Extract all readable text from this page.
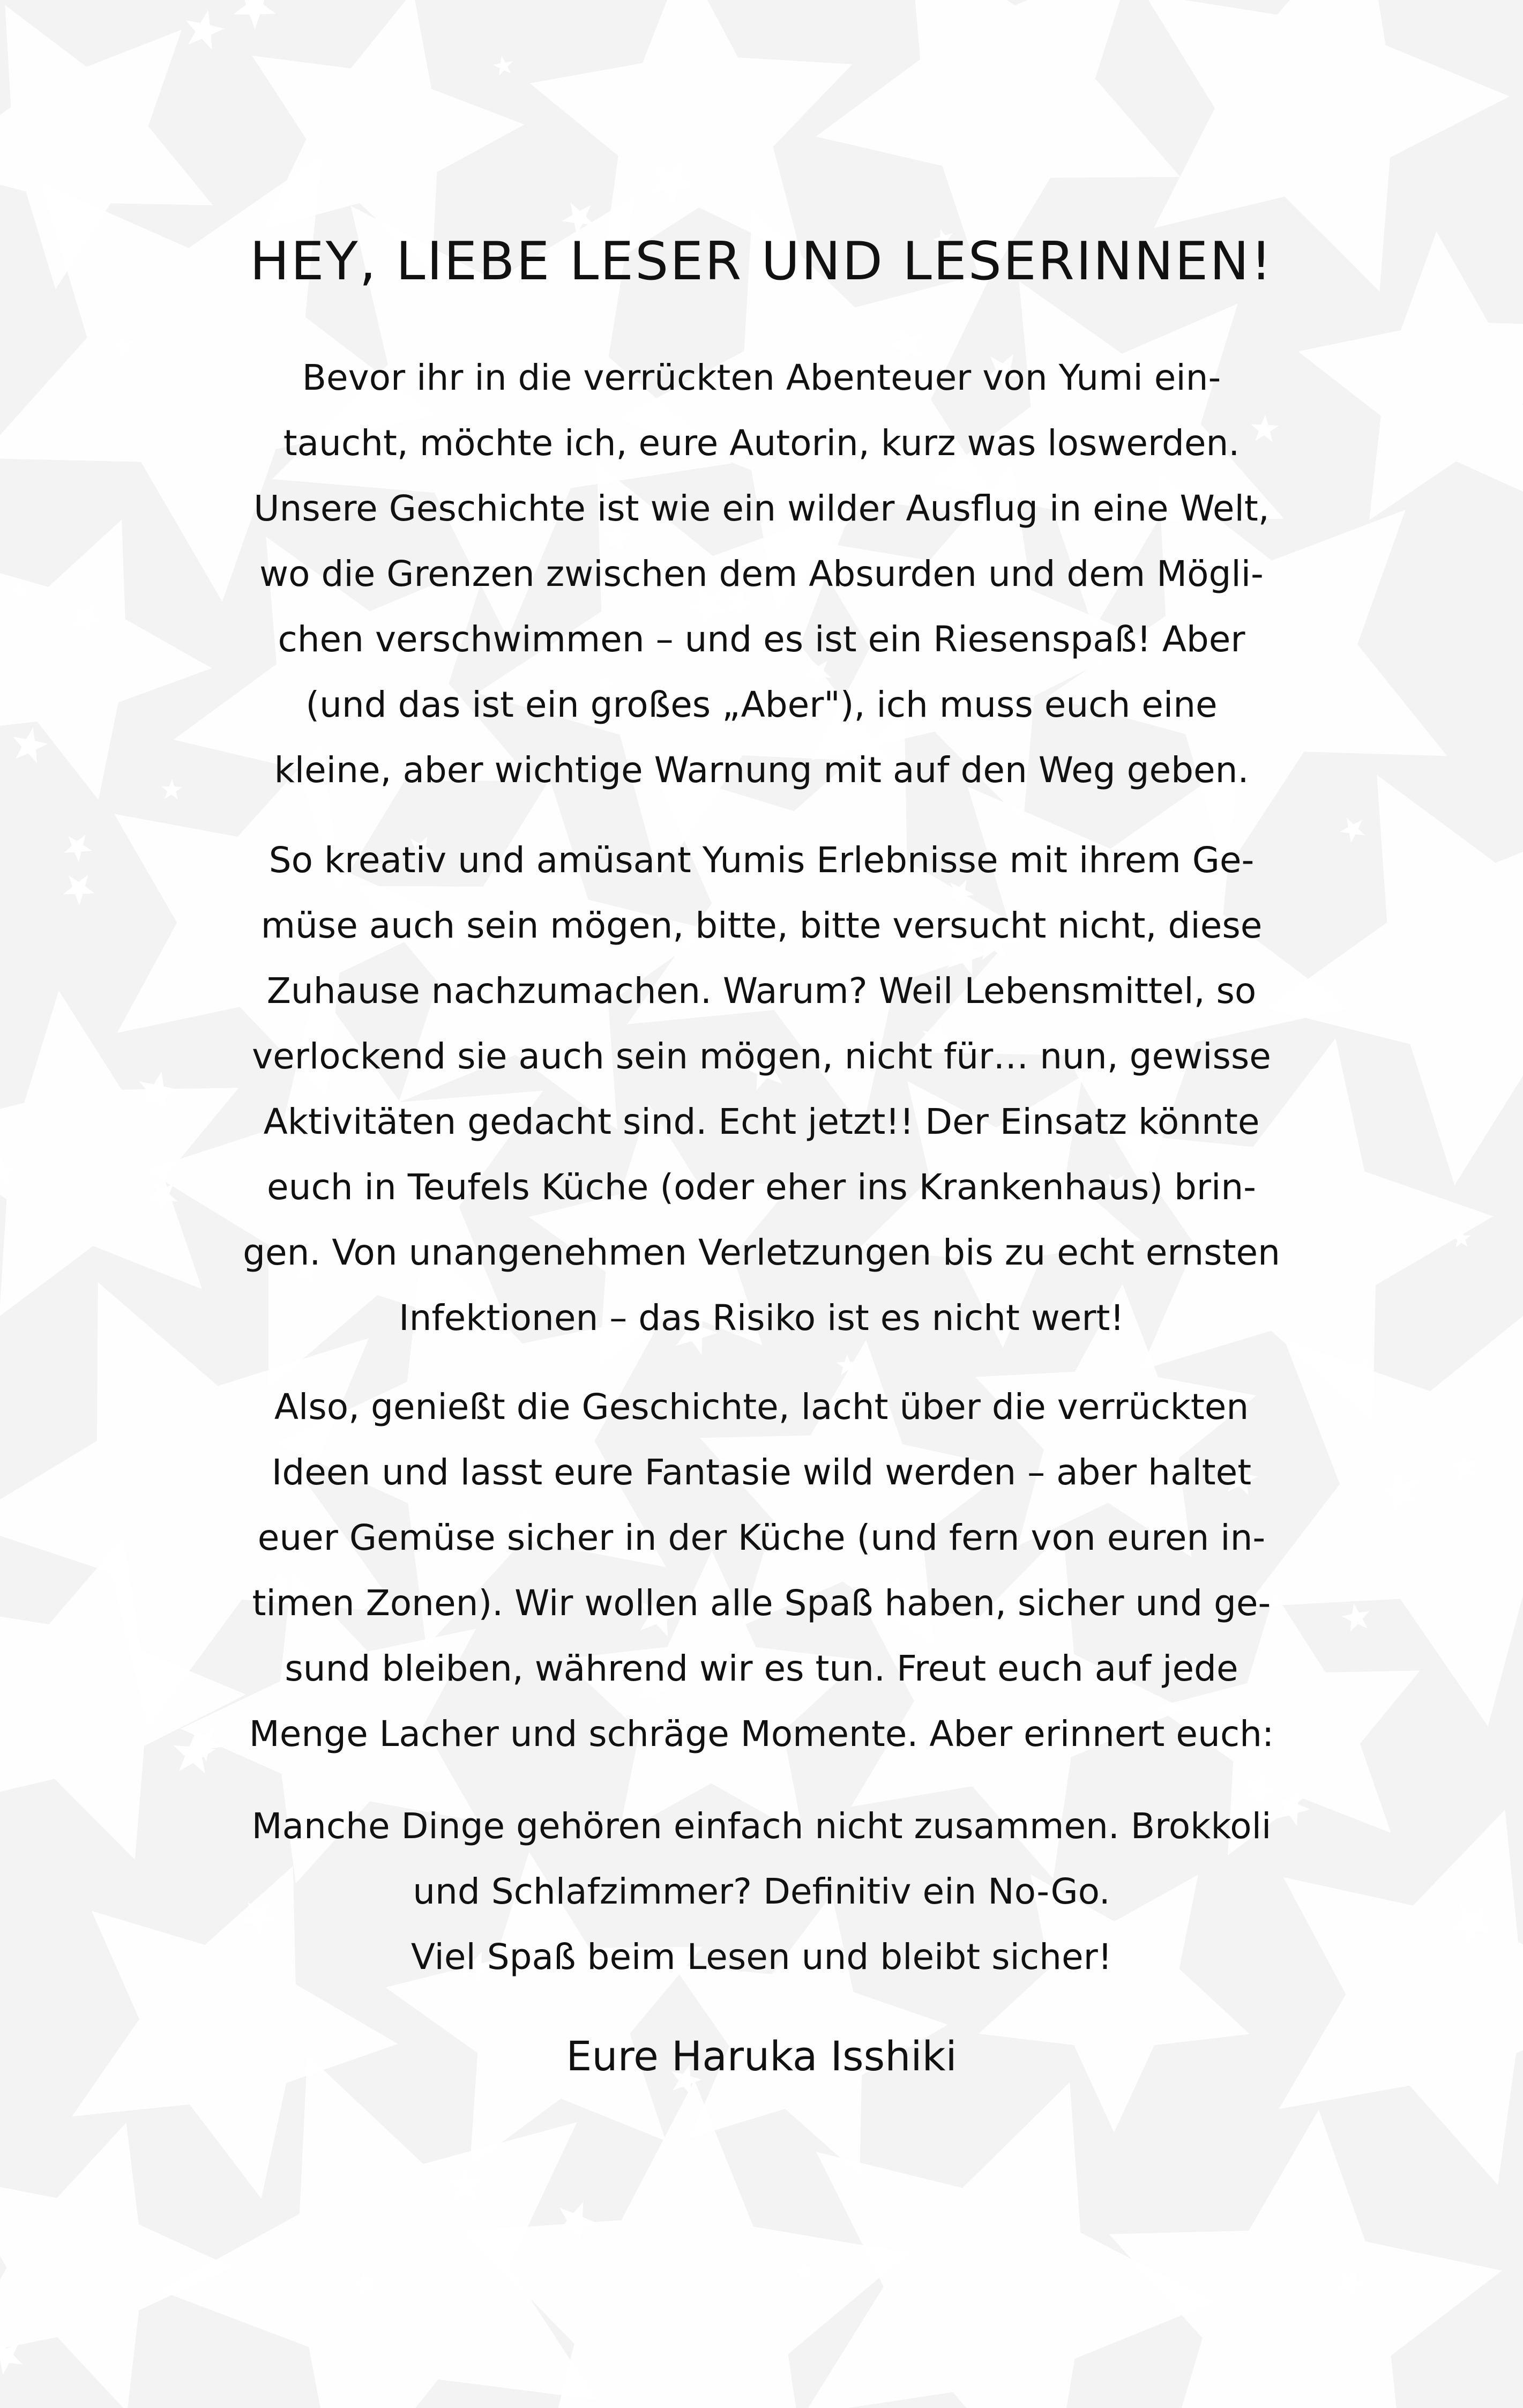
HEY, LIEBE LESER UND LESERINNEN!

Bevor ihr in die verrückten Abenteuer von Yumi ein-

taucht, möchte ich, eure Autorin, kurz was loswerden.

Unsere Geschichte ist wie ein wilder Ausflug in eine Welt,

wo die Grenzen zwischen dem Absurden und dem Mögli-

chen verschwimmen – und es ist ein Riesenspaß! Aber

(und das ist ein großes „Aber"), ich muss euch eine

kleine, aber wichtige Warnung mit auf den Weg geben.

So kreativ und amüsant Yumis Erlebnisse mit ihrem Ge-

müse auch sein mögen, bitte, bitte versucht nicht, diese

Zuhause nachzumachen. Warum? Weil Lebensmittel, so

verlockend sie auch sein mögen, nicht für… nun, gewisse

Aktivitäten gedacht sind. Echt jetzt!! Der Einsatz könnte

euch in Teufels Küche (oder eher ins Krankenhaus) brin-

gen. Von unangenehmen Verletzungen bis zu echt ernsten

Infektionen – das Risiko ist es nicht wert!

Also, genießt die Geschichte, lacht über die verrückten

Ideen und lasst eure Fantasie wild werden – aber haltet

euer Gemüse sicher in der Küche (und fern von euren in-

timen Zonen). Wir wollen alle Spaß haben, sicher und ge-

sund bleiben, während wir es tun. Freut euch auf jede

Menge Lacher und schräge Momente. Aber erinnert euch:

Manche Dinge gehören einfach nicht zusammen. Brokkoli

und Schlafzimmer? Definitiv ein No-Go.

Viel Spaß beim Lesen und bleibt sicher!

Eure Haruka Isshiki
